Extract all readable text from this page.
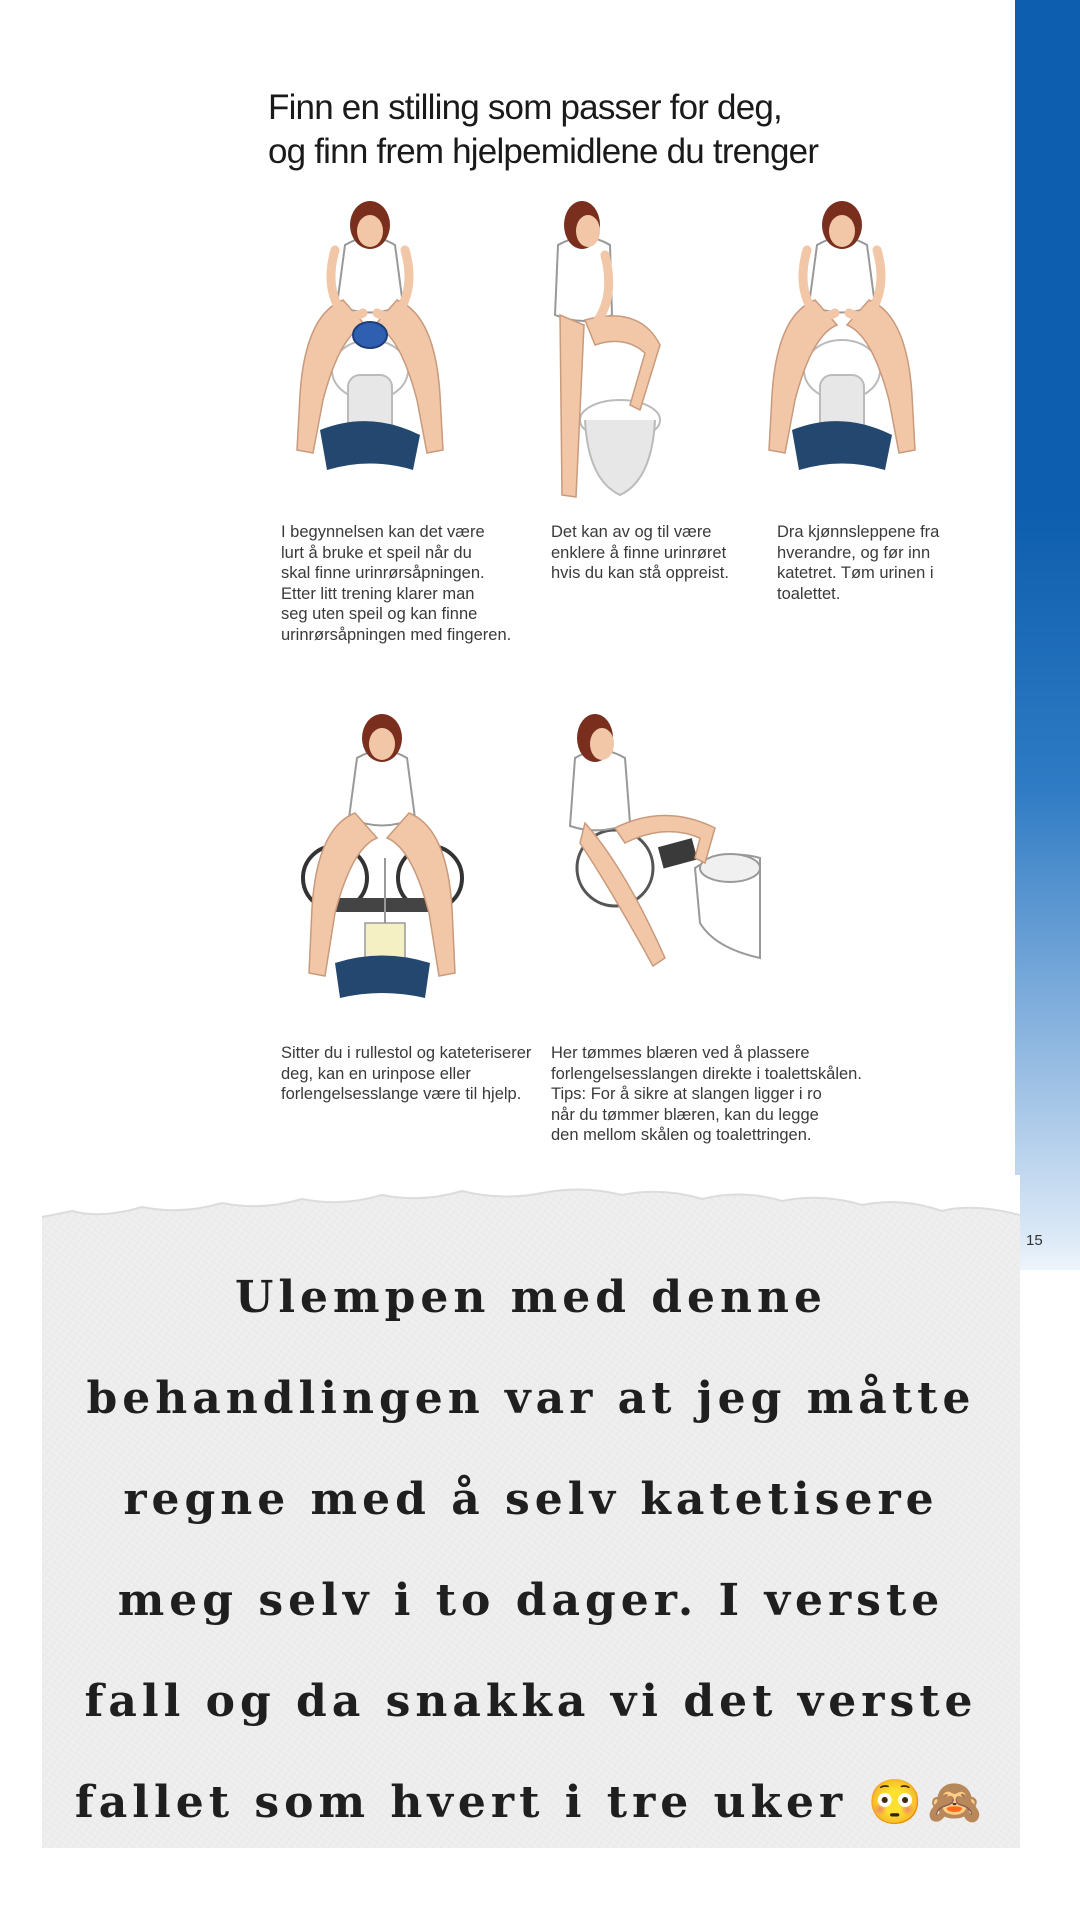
Finn en stilling som passer for deg,
og finn frem hjelpemidlene du trenger
I begynnelsen kan det være
lurt å bruke et speil når du
skal finne urinrørsåpningen.
Etter litt trening klarer man
seg uten speil og kan finne
urinrørsåpningen med fingeren.
Det kan av og til være
enklere å finne urinrøret
hvis du kan stå oppreist.
Dra kjønnsleppene fra
hverandre, og før inn
katetret. Tøm urinen i
toalettet.
Sitter du i rullestol og kateteriserer
deg, kan en urinpose eller
forlengelsesslange være til hjelp.
Her tømmes blæren ved å plassere
forlengelsesslangen direkte i toalettskålen.
Tips: For å sikre at slangen ligger i ro
når du tømmer blæren, kan du legge
den mellom skålen og toalettringen.
15
Ulempen med denne
behandlingen var at jeg måtte
regne med å selv katetisere
meg selv i to dager. I verste
fall og da snakka vi det verste
fallet som hvert i tre uker 😳🙈
